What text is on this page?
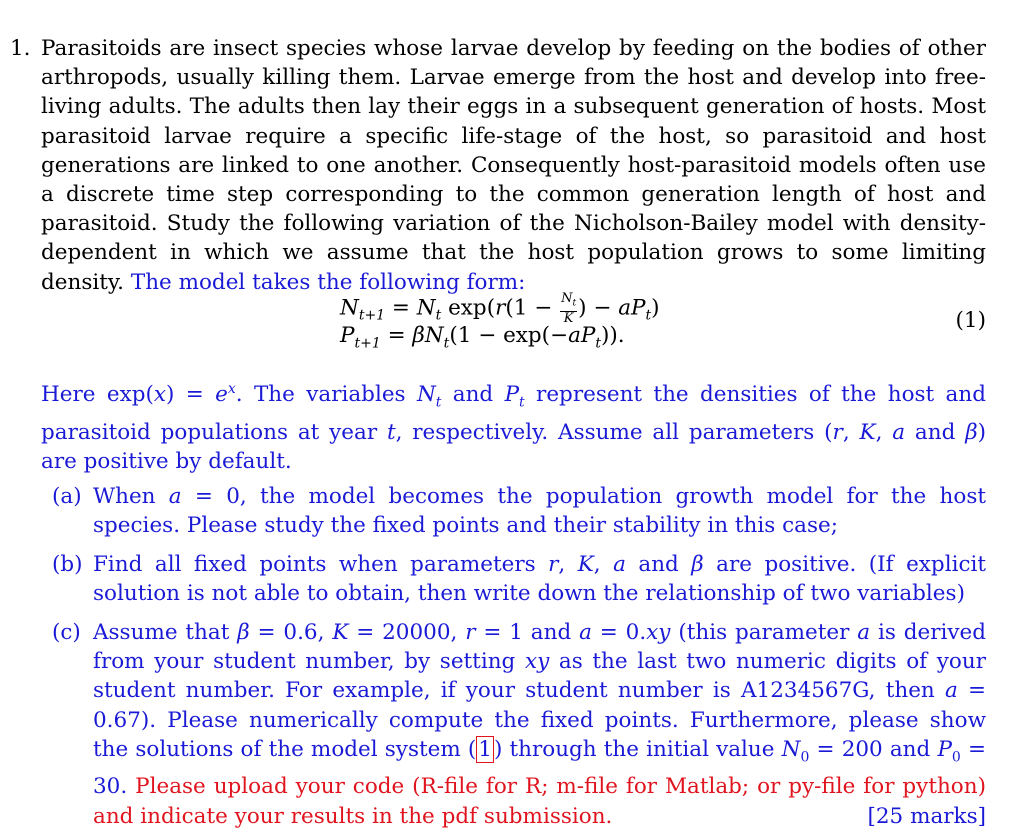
1. Parasitoids are insect species whose larvae develop by feeding on the bodies of other arthropods, usually killing them. Larvae emerge from the host and develop into free-living adults. The adults then lay their eggs in a subsequent generation of hosts. Most parasitoid larvae require a specific life-stage of the host, so parasitoid and host generations are linked to one another. Consequently host-parasitoid models often use a discrete time step corresponding to the common generation length of host and parasitoid. Study the following variation of the Nicholson-Bailey model with density-dependent in which we assume that the host population grows to some limiting density. The model takes the following form:
$N_{t+1} = N_t$ $\exp(r(1 - \frac{N_t}{K}$ ) − $aP_t$)
$P_{t+1} = \beta N_t(1 - \exp(-aP_t))$.
(1)
Here $\exp(x) = e^x$. The variables $N_t$ and $P_t$ represent the densities of the host and parasitoid populations at year t, respectively. Assume all parameters (r, K, a and β) are positive by default.
(a) When a = 0, the model becomes the population growth model for the host species. Please study the fixed points and their stability in this case;
(b) Find all fixed points when parameters r, K, a and β are positive. (If explicit solution is not able to obtain, then write down the relationship of two variables)
(c) Assume that β = 0.6, K = 20000, r = 1 and a = 0.xy (this parameter a is derived from your student number, by setting xy as the last two numeric digits of your student number. For example, if your student number is A1234567G, then a = 0.67). Please numerically compute the fixed points. Furthermore, please show the solutions of the model system (1) through the initial value $N_0 = 200$ and $P_0 = 30$. Please upload your code (R-file for R; m-file for Matlab; or py-file for python) and indicate your results in the pdf submission.	[25 marks]
